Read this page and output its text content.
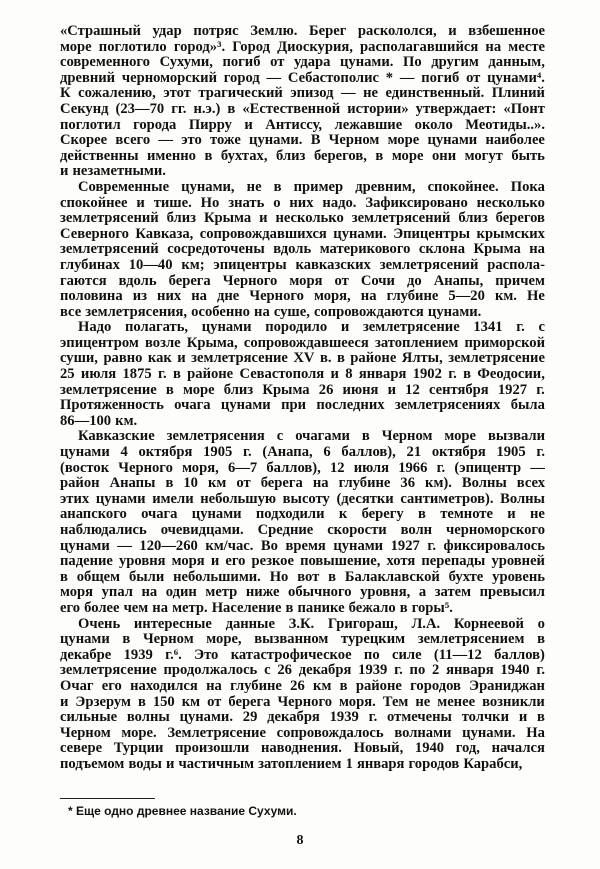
«Страшный удар потряс Землю. Берег раскололся, и взбешенное
море поглотило город»³. Город Диоскурия, располагавшийся на месте
современного Сухуми, погиб от удара цунами. По другим данным,
древний черноморский город — Себастополис * — погиб от цунами⁴.
К сожалению, этот трагический эпизод — не единственный. Плиний
Секунд (23—70 гг. н.э.) в «Естественной истории» утверждает: «Понт
поглотил города Пирру и Антиссу, лежавшие около Меотиды..».
Скорее всего — это тоже цунами. В Черном море цунами наиболее
действенны именно в бухтах, близ берегов, в море они могут быть
и незаметными.
Современные цунами, не в пример древним, спокойнее. Пока
спокойнее и тише. Но знать о них надо. Зафиксировано несколько
землетрясений близ Крыма и несколько землетрясений близ берегов
Северного Кавказа, сопровождавшихся цунами. Эпицентры крымских
землетрясений сосредоточены вдоль материкового склона Крыма на
глубинах 10—40 км; эпицентры кавказских землетрясений распола-
гаются вдоль берега Черного моря от Сочи до Анапы, причем
половина из них на дне Черного моря, на глубине 5—20 км. Не
все землетрясения, особенно на суше, сопровождаются цунами.
Надо полагать, цунами породило и землетрясение 1341 г. с
эпицентром возле Крыма, сопровождавшееся затоплением приморской
суши, равно как и землетрясение XV в. в районе Ялты, землетрясение
25 июля 1875 г. в районе Севастополя и 8 января 1902 г. в Феодосии,
землетрясение в море близ Крыма 26 июня и 12 сентября 1927 г.
Протяженность очага цунами при последних землетрясениях была
86—100 км.
Кавказские землетрясения с очагами в Черном море вызвали
цунами 4 октября 1905 г. (Анапа, 6 баллов), 21 октября 1905 г.
(восток Черного моря, 6—7 баллов), 12 июля 1966 г. (эпицентр —
район Анапы в 10 км от берега на глубине 36 км). Волны всех
этих цунами имели небольшую высоту (десятки сантиметров). Волны
анапского очага цунами подходили к берегу в темноте и не
наблюдались очевидцами. Средние скорости волн черноморского
цунами — 120—260 км/час. Во время цунами 1927 г. фиксировалось
падение уровня моря и его резкое повышение, хотя перепады уровней
в общем были небольшими. Но вот в Балаклавской бухте уровень
моря упал на один метр ниже обычного уровня, а затем превысил
его более чем на метр. Население в панике бежало в горы⁵.
Очень интересные данные З.К. Григораш, Л.А. Корнеевой о
цунами в Черном море, вызванном турецким землетрясением в
декабре 1939 г.⁶. Это катастрофическое по силе (11—12 баллов)
землетрясение продолжалось с 26 декабря 1939 г. по 2 января 1940 г.
Очаг его находился на глубине 26 км в районе городов Эраниджан
и Эрзерум в 150 км от берега Черного моря. Тем не менее возникли
сильные волны цунами. 29 декабря 1939 г. отмечены толчки и в
Черном море. Землетрясение сопровождалось волнами цунами. На
севере Турции произошли наводнения. Новый, 1940 год, начался
подъемом воды и частичным затоплением 1 января городов Карабси,
* Еще одно древнее название Сухуми.
8
